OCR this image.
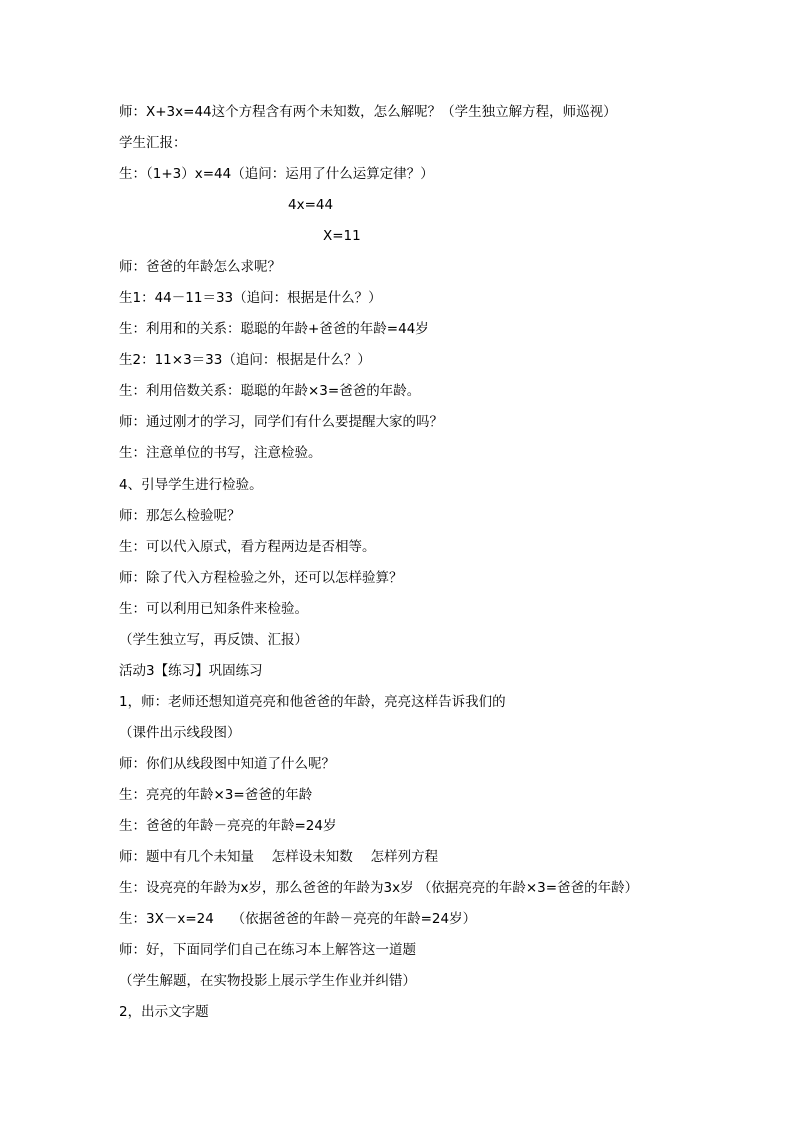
师：X+3x=44这个方程含有两个未知数，怎么解呢？（学生独立解方程，师巡视）
学生汇报：
生：（1+3）x=44（追问：运用了什么运算定律？）
4x=44
X=11
师：爸爸的年龄怎么求呢？
生1：44－11＝33（追问：根据是什么？）
生：利用和的关系：聪聪的年龄+爸爸的年龄=44岁
生2：11×3＝33（追问：根据是什么？）
生：利用倍数关系：聪聪的年龄×3=爸爸的年龄。
师：通过刚才的学习，同学们有什么要提醒大家的吗？
生：注意单位的书写，注意检验。
4、引导学生进行检验。
师：那怎么检验呢？
生：可以代入原式，看方程两边是否相等。
师：除了代入方程检验之外，还可以怎样验算？
生：可以利用已知条件来检验。
（学生独立写，再反馈、汇报）
活动3【练习】巩固练习
1，师：老师还想知道亮亮和他爸爸的年龄，亮亮这样告诉我们的
（课件出示线段图）
师：你们从线段图中知道了什么呢？
生：亮亮的年龄×3=爸爸的年龄
生：爸爸的年龄－亮亮的年龄=24岁
师：题中有几个未知量　 怎样设未知数　 怎样列方程
生：设亮亮的年龄为x岁，那么爸爸的年龄为3x岁 （依据亮亮的年龄×3=爸爸的年龄）
生：3X－x=24　 （依据爸爸的年龄－亮亮的年龄=24岁）
师：好，下面同学们自己在练习本上解答这一道题
（学生解题，在实物投影上展示学生作业并纠错）
2，出示文字题
